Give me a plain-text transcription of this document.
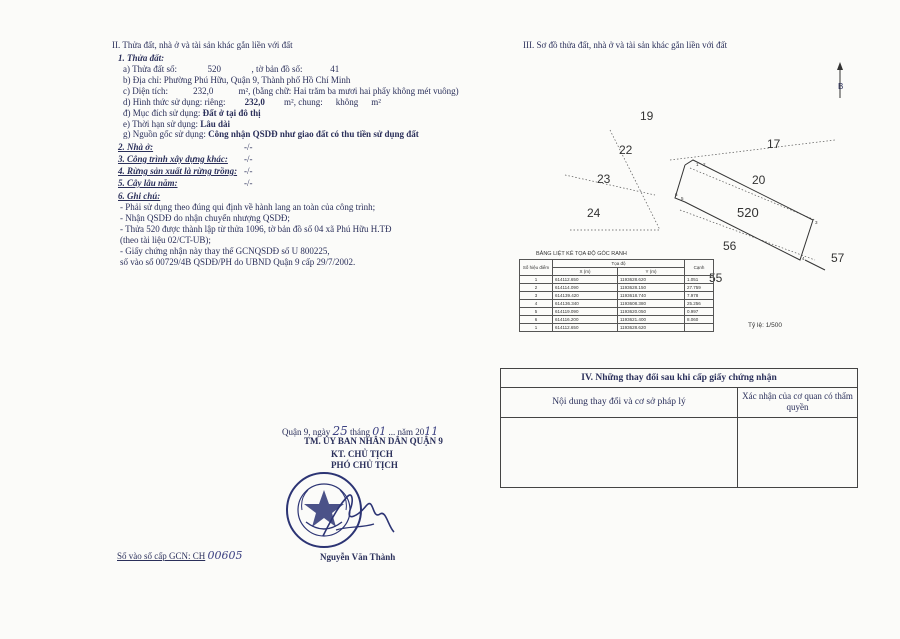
II. Thửa đất, nhà ở và tài sản khác gắn liền với đất
1. Thửa đất:
a) Thửa đất số:	520	, tờ bản đồ số:	41
b) Địa chỉ: Phường Phú Hữu, Quận 9, Thành phố Hồ Chí Minh
c) Diện tích:	232,0	m², (bằng chữ: Hai trăm ba mươi hai phẩy không mét vuông)
d) Hình thức sử dụng: riêng: 232,0 m², chung: không m²
đ) Mục đích sử dụng: Đất ở tại đô thị
e) Thời hạn sử dụng: Lâu dài
g) Nguồn gốc sử dụng: Công nhận QSDĐ như giao đất có thu tiền sử dụng đất
2. Nhà ở:	-/-
3. Công trình xây dựng khác: -/-
4. Rừng sản xuất là rừng trồng: -/-
5. Cây lâu năm:	-/-
6. Ghi chú:
- Phải sử dụng theo đúng qui định về hành lang an toàn của công trình;
- Nhận QSDĐ do nhận chuyển nhượng QSDĐ;
- Thửa 520 được thành lập từ thửa 1096, tờ bản đồ số 04 xã Phú Hữu H.TĐ
(theo tài liệu 02/CT-UB);
- Giấy chứng nhận này thay thế GCNQSDĐ số U 800225,
số vào sổ 00729/4B QSDĐ/PH do UBND Quận 9 cấp 29/7/2002.
Quận 9, ngày 25 tháng 01 ... năm 2011
TM. ỦY BAN NHÂN DÂN QUẬN 9
KT. CHỦ TỊCH
PHÓ CHỦ TỊCH
Nguyễn Văn Thành
Số vào sổ cấp GCN: CH 00605
III. Sơ đồ thửa đất, nhà ở và tài sản khác gắn liền với đất
B
1 2
3
4
5
6
19
22
23
24
17
20
520
56
55
57
Tỷ lệ: 1/500
BẢNG LIỆT KÊ TỌA ĐỘ GÓC RANH
Số hiệu điểm	Tọa độ		Cạnh
	X (m)	Y (m)	
1	614112.650	1193628.620	1.051
2	614114.090	1193628.150	27.759
3	614139.420	1193618.740	7.978
4	614136.340	1193608.380	25.256
5	614119.090	1193620.050	0.997
6	614116.200	1193621.400	8.060
1	614112.650	1193628.620	
IV. Những thay đổi sau khi cấp giấy chứng nhận
Nội dung thay đổi và cơ sở pháp lý
Xác nhận của cơ quan có thẩm quyền
